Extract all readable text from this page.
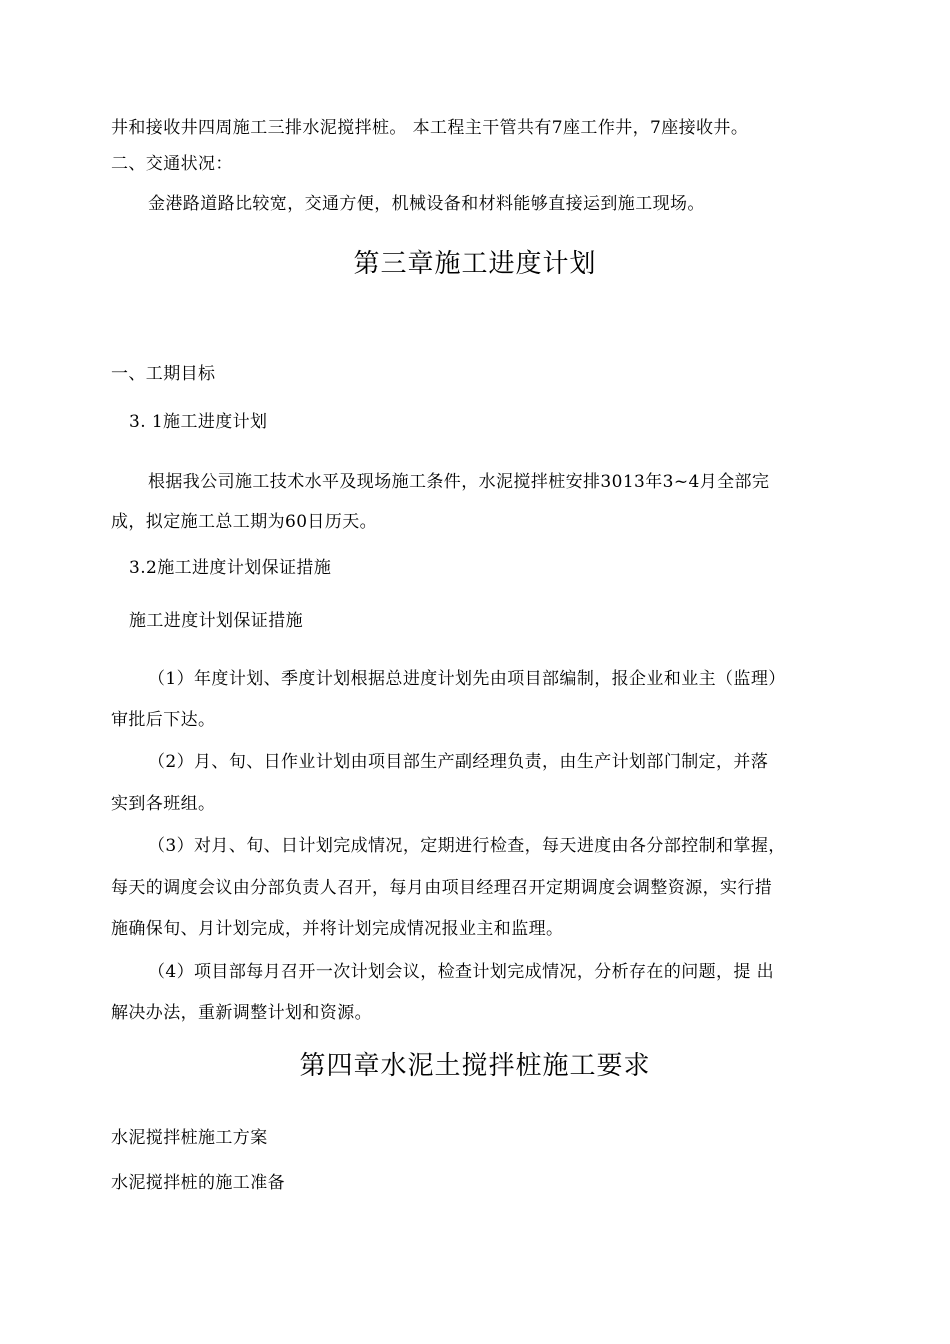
井和接收井四周施工三排水泥搅拌桩。 本工程主干管共有7座工作井，7座接收井。
二、交通状况：
金港路道路比较宽，交通方便，机械设备和材料能够直接运到施工现场。
第三章施工进度计划
一、工期目标
3. 1施工进度计划
根据我公司施工技术水平及现场施工条件，水泥搅拌桩安排3013年3~4月全部完
成，拟定施工总工期为60日历天。
3.2施工进度计划保证措施
施工进度计划保证措施
（1）年度计划、季度计划根据总进度计划先由项目部编制，报企业和业主（监理）
审批后下达。
（2）月、旬、日作业计划由项目部生产副经理负责，由生产计划部门制定，并落
实到各班组。
（3）对月、旬、日计划完成情况，定期进行检查，每天进度由各分部控制和掌握，
每天的调度会议由分部负责人召开，每月由项目经理召开定期调度会调整资源，实行措
施确保旬、月计划完成，并将计划完成情况报业主和监理。
（4）项目部每月召开一次计划会议，检查计划完成情况，分析存在的问题，提 出
解决办法，重新调整计划和资源。
第四章水泥土搅拌桩施工要求
水泥搅拌桩施工方案
水泥搅拌桩的施工准备
